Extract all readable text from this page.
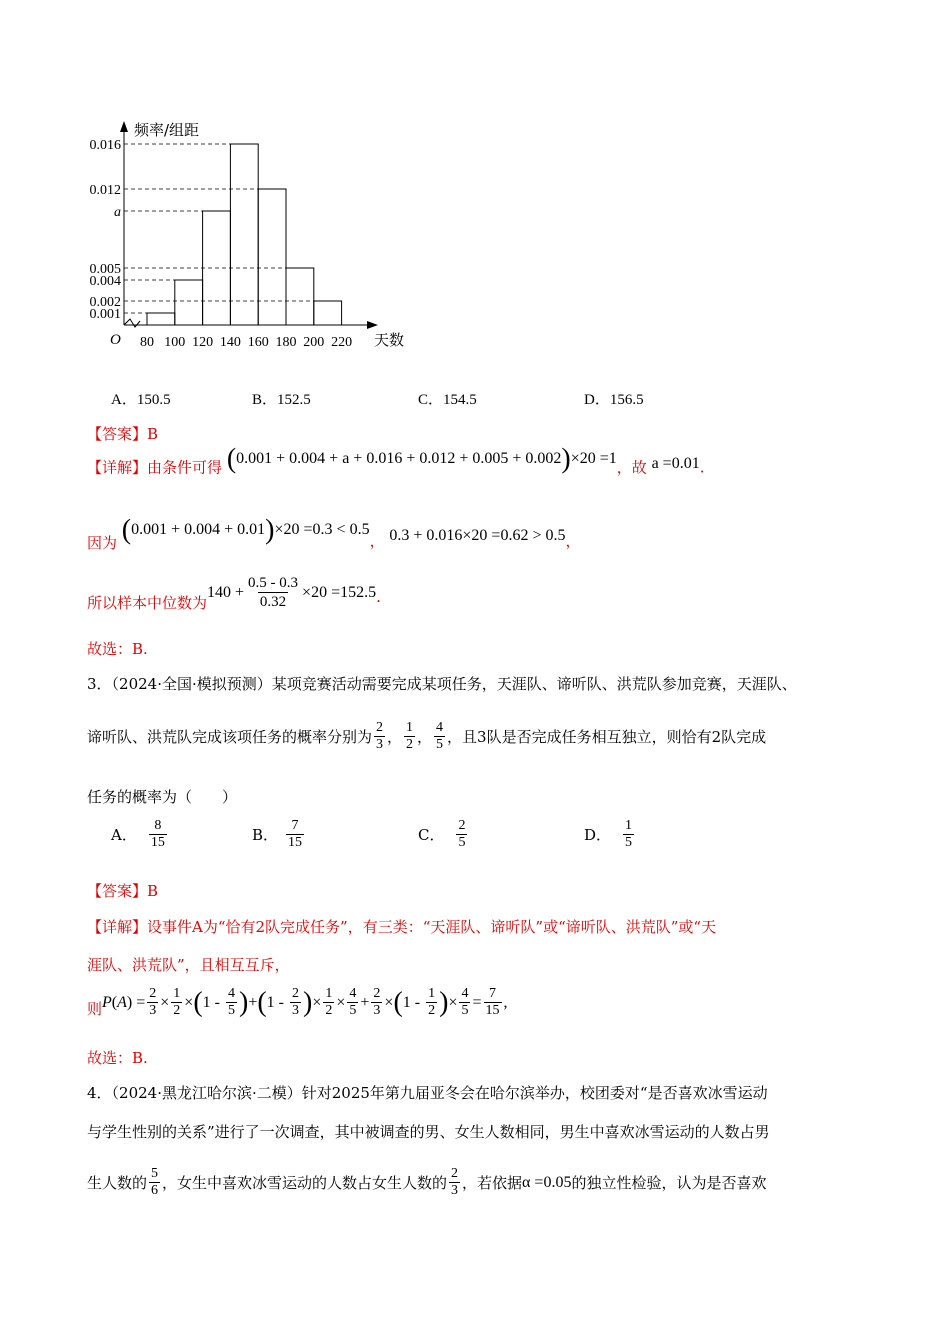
0.016
0.012
a
0.005
0.004
0.002
0.001
80 100 120 140 160 180 200 220
O
频率/组距
天数
A．150.5	B．152.5	C．154.5	D．156.5
【答案】B
【详解】由条件可得 (0.001 + 0.004 + a + 0.016 + 0.012 + 0.005 + 0.002)×20 =1，故 a =0.01.
因为 (0.001 + 0.004 + 0.01)×20 =0.3 < 0.5， 0.3 + 0.016×20 =0.62 > 0.5，
所以样本中位数为
$140 + \frac{0.5 - 0.3}{0.32} \times 20 =152.5$ .
故选：B.
3．（2024·全国·模拟预测）某项竞赛活动需要完成某项任务，天涯队、谛听队、洪荒队参加竞赛，天涯队、
谛听队、洪荒队完成该项任务的概率分别为 $\frac{2}{3}$ ， $\frac{1}{2}$ ， $\frac{4}{5}$ ，且3队是否完成任务相互独立，则恰有2队完成
任务的概率为（　　）
A． $\frac{8}{15}$	B． $\frac{7}{15}$	C． $\frac{2}{5}$	D． $\frac{1}{5}$
【答案】B
【详解】设事件A为“恰有2队完成任务”，有三类：“天涯队、谛听队”或“谛听队、洪荒队”或“天
涯队、洪荒队”，且相互互斥，
则 P ( A ) = $\frac{2}{3} \times \frac{1}{2}$ × ( $1 - \frac{4}{5}$ ) + ( $1 - \frac{2}{3}$ ) × $\frac{1}{2} \times \frac{4}{5} + \frac{2}{3}$ × ( $1 - \frac{1}{2}$ ) × $\frac{4}{5} = \frac{7}{15}$ ,
故选：B.
4．（2024·黑龙江哈尔滨·二模）针对2025年第九届亚冬会在哈尔滨举办，校团委对“是否喜欢冰雪运动
与学生性别的关系”进行了一次调查，其中被调查的男、女生人数相同，男生中喜欢冰雪运动的人数占男
生人数的 $\frac{5}{6}$ ，女生中喜欢冰雪运动的人数占女生人数的 $\frac{2}{3}$ ，若依据 α =0.05 的独立性检验，认为是否喜欢
